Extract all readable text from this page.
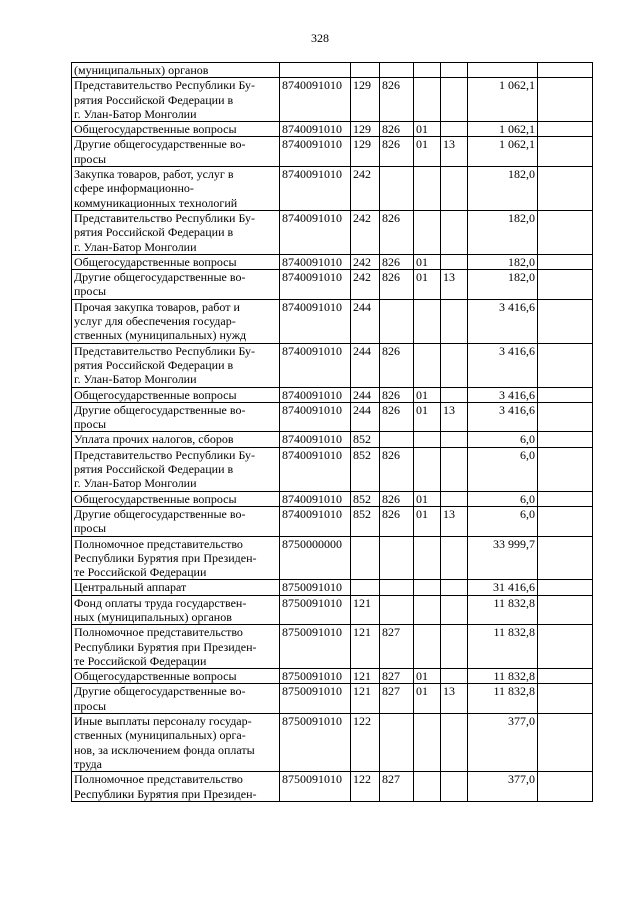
328
(муниципальных) органов							
Представительство Республики Бу-
рятия Российской Федерации в
г. Улан-Батор Монголии	8740091010	129	826			1 062,1	
Общегосударственные вопросы	8740091010	129	826	01		1 062,1	
Другие общегосударственные во-
просы	8740091010	129	826	01	13	1 062,1	
Закупка товаров, работ, услуг в
сфере информационно-
коммуникационных технологий	8740091010	242				182,0	
Представительство Республики Бу-
рятия Российской Федерации в
г. Улан-Батор Монголии	8740091010	242	826			182,0	
Общегосударственные вопросы	8740091010	242	826	01		182,0	
Другие общегосударственные во-
просы	8740091010	242	826	01	13	182,0	
Прочая закупка товаров, работ и
услуг для обеспечения государ-
ственных (муниципальных) нужд	8740091010	244				3 416,6	
Представительство Республики Бу-
рятия Российской Федерации в
г. Улан-Батор Монголии	8740091010	244	826			3 416,6	
Общегосударственные вопросы	8740091010	244	826	01		3 416,6	
Другие общегосударственные во-
просы	8740091010	244	826	01	13	3 416,6	
Уплата прочих налогов, сборов	8740091010	852				6,0	
Представительство Республики Бу-
рятия Российской Федерации в
г. Улан-Батор Монголии	8740091010	852	826			6,0	
Общегосударственные вопросы	8740091010	852	826	01		6,0	
Другие общегосударственные во-
просы	8740091010	852	826	01	13	6,0	
Полномочное представительство
Республики Бурятия при Президен-
те Российской Федерации	8750000000					33 999,7	
Центральный аппарат	8750091010					31 416,6	
Фонд оплаты труда государствен-
ных (муниципальных) органов	8750091010	121				11 832,8	
Полномочное представительство
Республики Бурятия при Президен-
те Российской Федерации	8750091010	121	827			11 832,8	
Общегосударственные вопросы	8750091010	121	827	01		11 832,8	
Другие общегосударственные во-
просы	8750091010	121	827	01	13	11 832,8	
Иные выплаты персоналу государ-
ственных (муниципальных) орга-
нов, за исключением фонда оплаты
труда	8750091010	122				377,0	
Полномочное представительство
Республики Бурятия при Президен-	8750091010	122	827			377,0	
